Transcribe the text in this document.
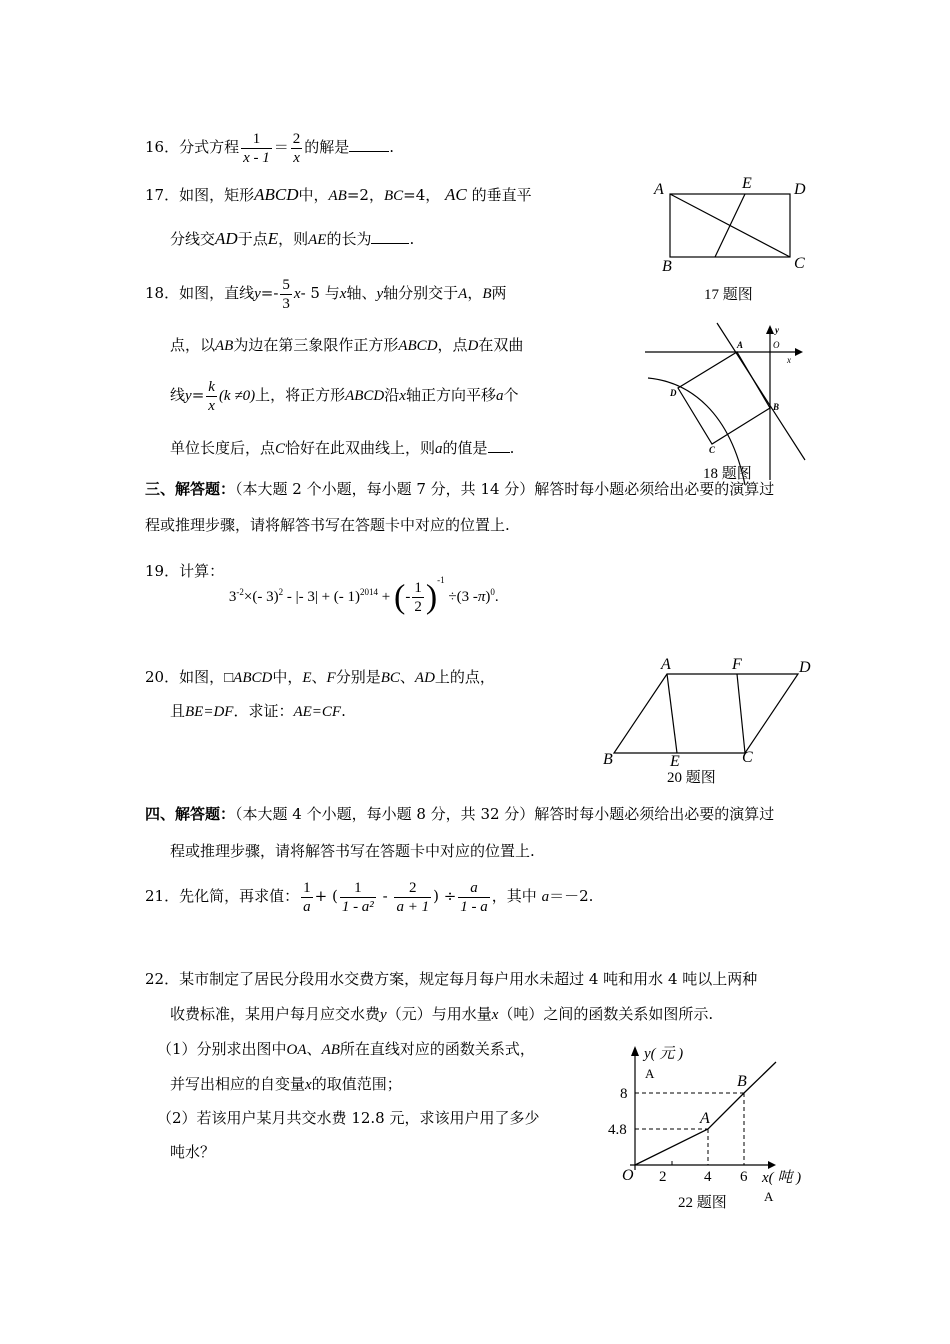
16．分式方程 $\frac{1}{x - 1} = \frac{2}{x}$ 的解是	.
17．如图，矩形ABCD中，AB=2，BC=4， AC 的垂直平
分线交AD于点E，则AE的长为	.
A	E	D
B	C
17 题图
18．如图，直线$y=- \frac{5}{3} x-$ 5 与x轴、y轴分别交于A，B两
点，以AB为边在第三象限作正方形ABCD，点D在双曲
线$y= \frac{k}{x} (k \ne 0)$上，将正方形ABCD沿x轴正方向平移a个
单位长度后，点C恰好在此双曲线上，则a的值是 .
A	O
x
y
D
B
C
18 题图
三、解答题：（本大题 2 个小题，每小题 7 分，共 14 分）解答时每小题必须给出必要的演算过
程或推理步骤，请将解答书写在答题卡中对应的位置上.
19．计算： $3^{-2}\times(-$ 3)$^2$ - |- 3| + (- 1)$^{2014}$ + (- $\frac{1}{2} )^{-1} \div(3$ -π)$^0$.
20．如图，□ABCD中，E、F分别是BC、AD上的点，
且BE=DF．求证：AE=CF.
A	F	D
B	E	C
20 题图
四、解答题：（本大题 4 个小题，每小题 8 分，共 32 分）解答时每小题必须给出必要的演算过
程或推理步骤，请将解答书写在答题卡中对应的位置上.
21．先化简，再求值： $\frac{1}{a}$ + ( $\frac{1}{\text{1 - a²}} - \frac{2}{a + 1}$ ) ÷ $\frac{a}{1 - a}$ ，其中 a＝－2.
22．某市制定了居民分段用水交费方案，规定每月每户用水未超过 4 吨和用水 4 吨以上两种
收费标准，某用户每月应交水费y（元）与用水量x（吨）之间的函数关系如图所示.
（1）分别求出图中OA、AB所在直线对应的函数关系式，
并写出相应的自变量x的取值范围；
（2）若该用户某月共交水费 12.8 元，求该用户用了多少
吨水？
y( 元 )
A	B
A
8
4.8
O 2	4 6 x( 吨 )
A
22 题图
